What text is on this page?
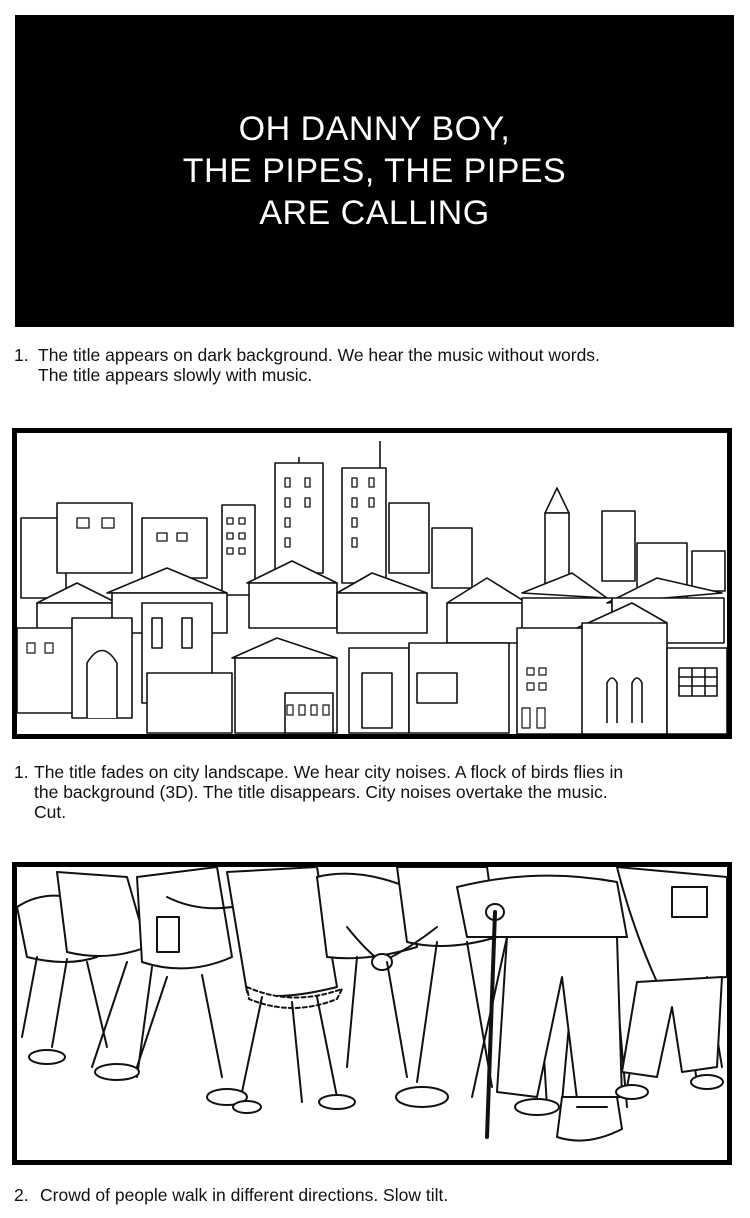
OH DANNY BOY,
THE PIPES, THE PIPES
ARE CALLING
1. The title appears on dark background. We hear the music without words.
The title appears slowly with music.
1. The title fades on city landscape. We hear city noises. A flock of birds flies in
the background (3D). The title disappears. City noises overtake the music.
Cut.
2. Crowd of people walk in different directions. Slow tilt.
